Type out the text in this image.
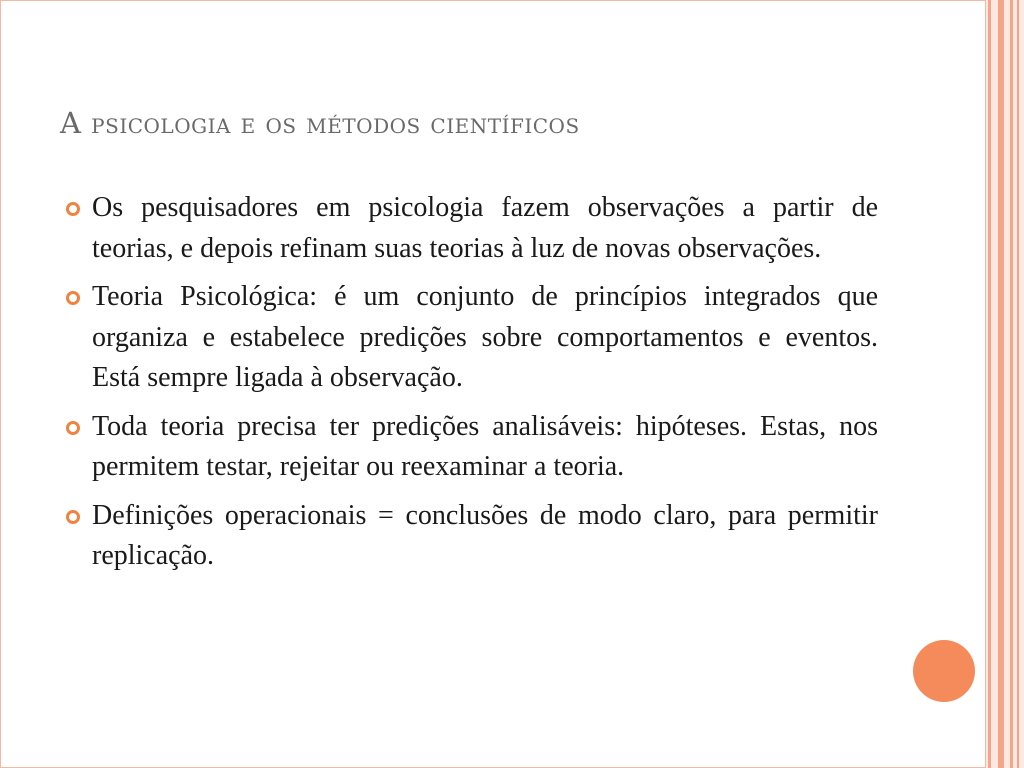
A psicologia e os métodos científicos
Os pesquisadores em psicologia fazem observações a partir de teorias, e depois refinam suas teorias à luz de novas observações.
Teoria Psicológica: é um conjunto de princípios integrados que organiza e estabelece predições sobre comportamentos e eventos. Está sempre ligada à observação.
Toda teoria precisa ter predições analisáveis: hipóteses. Estas, nos permitem testar, rejeitar ou reexaminar a teoria.
Definições operacionais = conclusões de modo claro, para permitir replicação.
